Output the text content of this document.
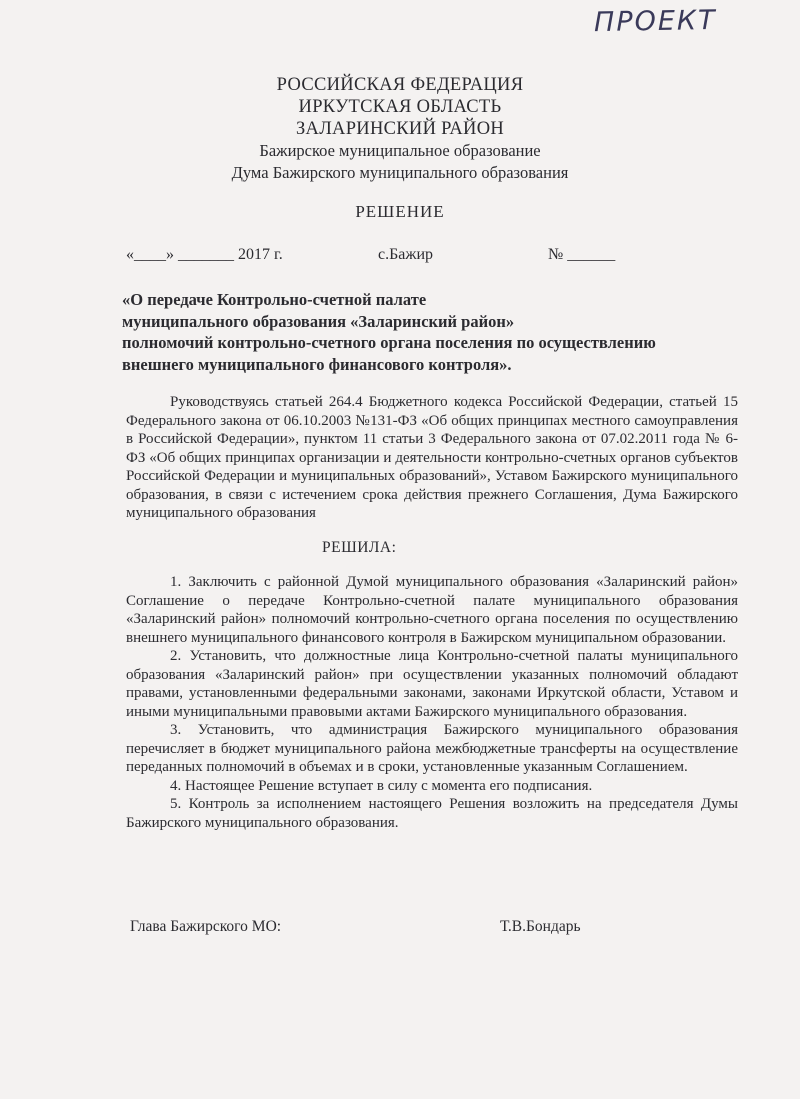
ПРОЕКТ
РОССИЙСКАЯ ФЕДЕРАЦИЯ
ИРКУТСКАЯ ОБЛАСТЬ
ЗАЛАРИНСКИЙ РАЙОН
Бажирское муниципальное образование
Дума Бажирского муниципального образования
РЕШЕНИЕ
«____» _______ 2017 г.	с.Бажир	№ ______
«О передаче Контрольно-счетной палате
муниципального образования «Заларинский район»
полномочий контрольно-счетного органа поселения по осуществлению
внешнего муниципального финансового контроля».

Руководствуясь статьей 264.4 Бюджетного кодекса Российской Федерации, статьей 15 Федерального закона от 06.10.2003 №131-ФЗ «Об общих принципах местного самоуправления в Российской Федерации», пунктом 11 статьи 3 Федерального закона от 07.02.2011 года № 6-ФЗ «Об общих принципах организации и деятельности контрольно-счетных органов субъектов Российской Федерации и муниципальных образований», Уставом Бажирского муниципального образования, в связи с истечением срока действия прежнего Соглашения, Дума Бажирского муниципального образования

РЕШИЛА:

1. Заключить с районной Думой муниципального образования «Заларинский район» Соглашение о передаче Контрольно-счетной палате муниципального образования «Заларинский район» полномочий контрольно-счетного органа поселения по осуществлению внешнего муниципального финансового контроля в Бажирском муниципальном образовании.

2. Установить, что должностные лица Контрольно-счетной палаты муниципального образования «Заларинский район» при осуществлении указанных полномочий обладают правами, установленными федеральными законами, законами Иркутской области, Уставом и иными муниципальными правовыми актами Бажирского муниципального образования.

3. Установить, что администрация Бажирского муниципального образования перечисляет в бюджет муниципального района межбюджетные трансферты на осуществление переданных полномочий в объемах и в сроки, установленные указанным Соглашением.

4. Настоящее Решение вступает в силу с момента его подписания.

5. Контроль за исполнением настоящего Решения возложить на председателя Думы Бажирского муниципального образования.

Глава Бажирского МО:	Т.В.Бондарь
